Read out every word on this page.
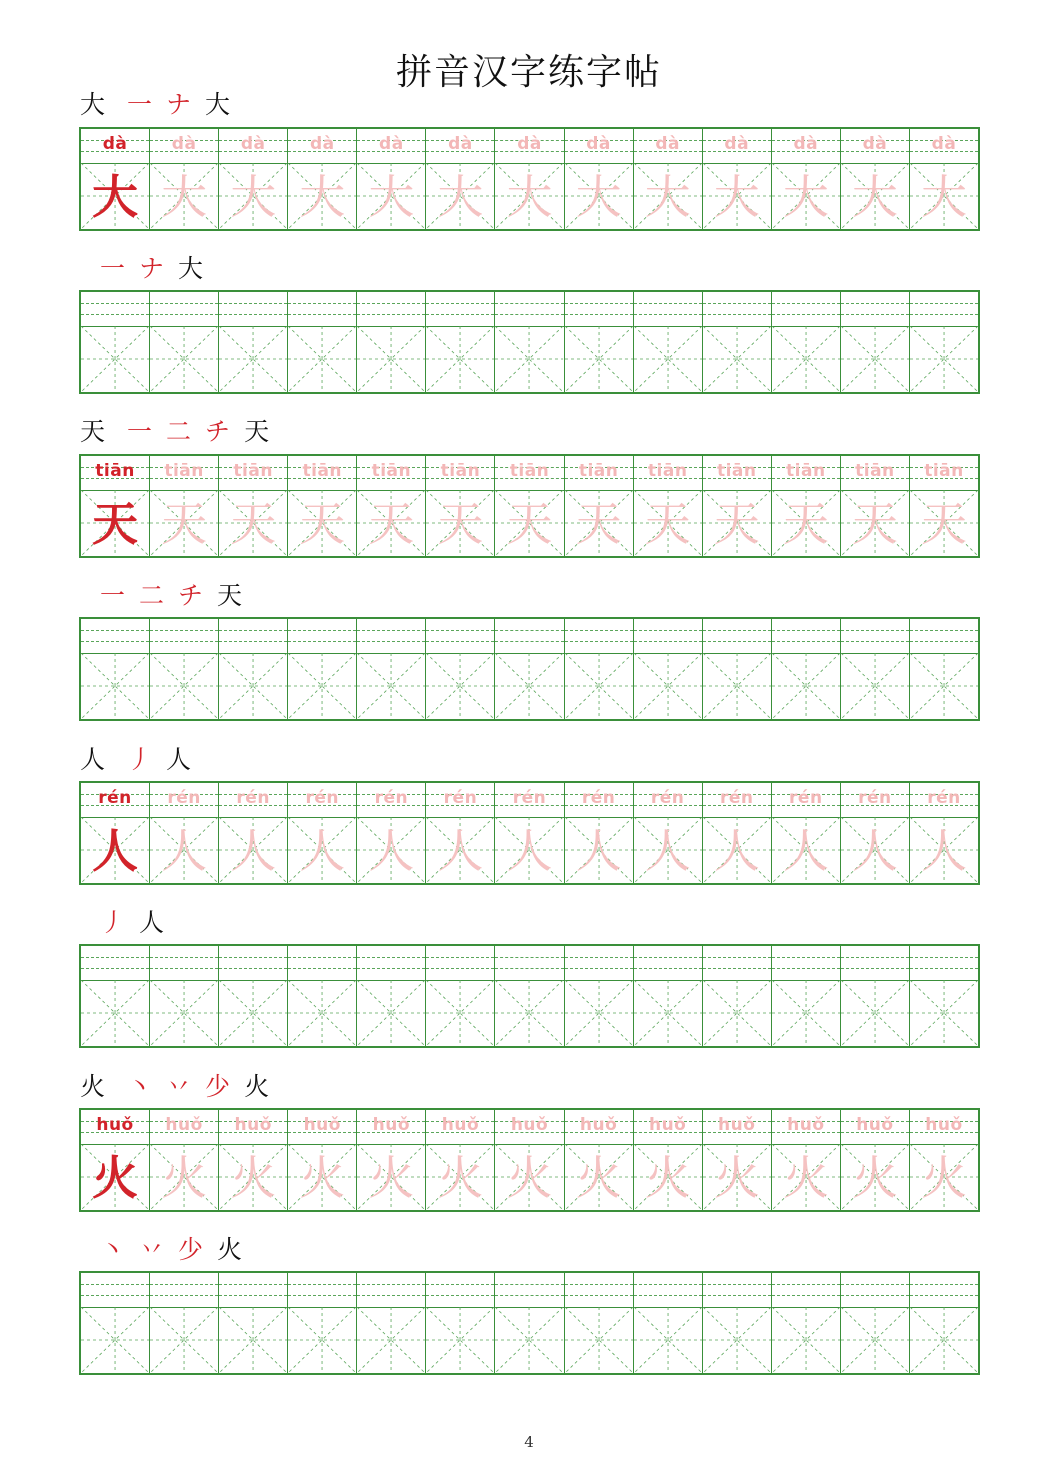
拼音汉字练字帖
大 一 ナ 大
dà
大
dà
大
dà
大
dà
大
dà
大
dà
大
dà
大
dà
大
dà
大
dà
大
dà
大
dà
大
dà
大
一 ナ 大
天 一 二 チ 天
tiān
天
tiān
天
tiān
天
tiān
天
tiān
天
tiān
天
tiān
天
tiān
天
tiān
天
tiān
天
tiān
天
tiān
天
tiān
天
一 二 チ 天
人 丿 人
rén
人
rén
人
rén
人
rén
人
rén
人
rén
人
rén
人
rén
人
rén
人
rén
人
rén
人
rén
人
rén
人
丿 人
火 丶 丷 少 火
huǒ
火
huǒ
火
huǒ
火
huǒ
火
huǒ
火
huǒ
火
huǒ
火
huǒ
火
huǒ
火
huǒ
火
huǒ
火
huǒ
火
huǒ
火
丶 丷 少 火
4
